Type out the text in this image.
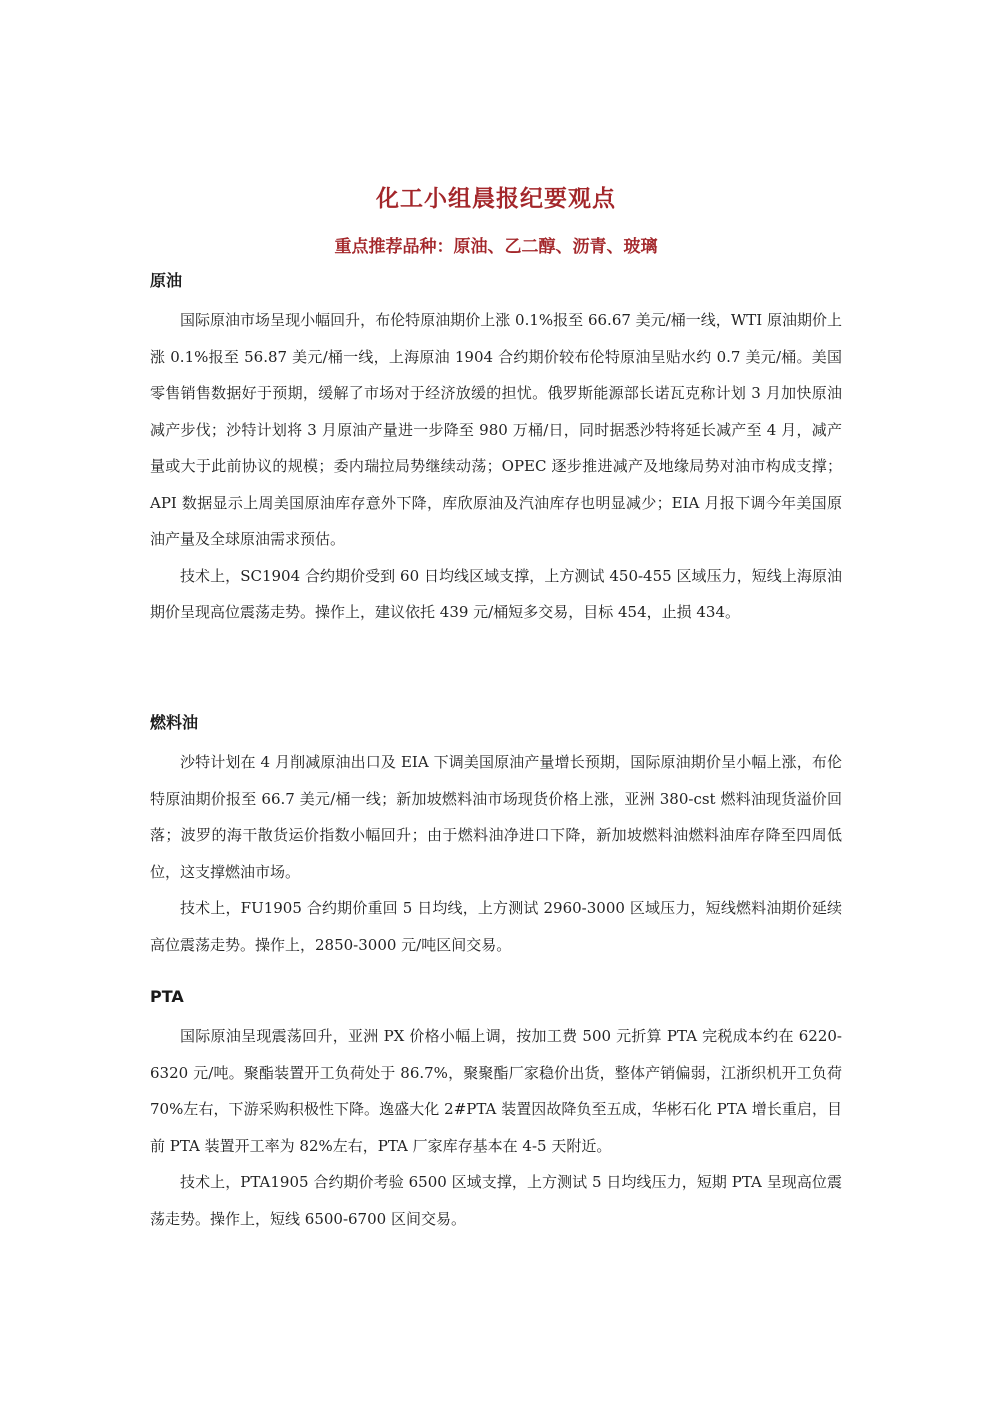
化工小组晨报纪要观点
重点推荐品种：原油、乙二醇、沥青、玻璃
原油

国际原油市场呈现小幅回升，布伦特原油期价上涨 0.1%报至 66.67 美元/桶一线，WTI 原油期价上涨 0.1%报至 56.87 美元/桶一线，上海原油 1904 合约期价较布伦特原油呈贴水约 0.7 美元/桶。美国零售销售数据好于预期，缓解了市场对于经济放缓的担忧。俄罗斯能源部长诺瓦克称计划 3 月加快原油减产步伐；沙特计划将 3 月原油产量进一步降至 980 万桶/日，同时据悉沙特将延长减产至 4 月，减产量或大于此前协议的规模；委内瑞拉局势继续动荡；OPEC 逐步推进减产及地缘局势对油市构成支撑；API 数据显示上周美国原油库存意外下降，库欣原油及汽油库存也明显减少；EIA 月报下调今年美国原油产量及全球原油需求预估。

技术上，SC1904 合约期价受到 60 日均线区域支撑，上方测试 450-455 区域压力，短线上海原油期价呈现高位震荡走势。操作上，建议依托 439 元/桶短多交易，目标 454，止损 434。

燃料油

沙特计划在 4 月削减原油出口及 EIA 下调美国原油产量增长预期，国际原油期价呈小幅上涨，布伦特原油期价报至 66.7 美元/桶一线；新加坡燃料油市场现货价格上涨，亚洲 380-cst 燃料油现货溢价回落；波罗的海干散货运价指数小幅回升；由于燃料油净进口下降，新加坡燃料油燃料油库存降至四周低位，这支撑燃油市场。

技术上，FU1905 合约期价重回 5 日均线，上方测试 2960-3000 区域压力，短线燃料油期价延续高位震荡走势。操作上，2850-3000 元/吨区间交易。

PTA

国际原油呈现震荡回升，亚洲 PX 价格小幅上调，按加工费 500 元折算 PTA 完税成本约在 6220-6320 元/吨。聚酯装置开工负荷处于 86.7%，聚聚酯厂家稳价出货，整体产销偏弱，江浙织机开工负荷 70%左右，下游采购积极性下降。逸盛大化 2#PTA 装置因故降负至五成，华彬石化 PTA 增长重启，目前 PTA 装置开工率为 82%左右，PTA 厂家库存基本在 4-5 天附近。

技术上，PTA1905 合约期价考验 6500 区域支撑，上方测试 5 日均线压力，短期 PTA 呈现高位震荡走势。操作上，短线 6500-6700 区间交易。
